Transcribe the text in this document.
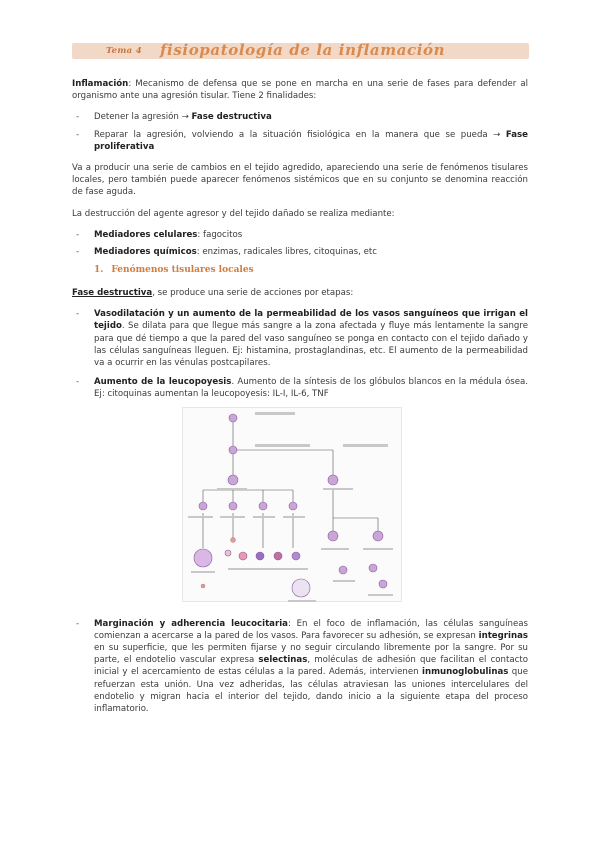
Tema 4 fisiopatología de la inflamación

Inflamación: Mecanismo de defensa que se pone en marcha en una serie de fases para defender al organismo ante una agresión tisular. Tiene 2 finalidades:

- Detener la agresión → Fase destructiva
- Reparar la agresión, volviendo a la situación fisiológica en la manera que se pueda → Fase proliferativa

Va a producir una serie de cambios en el tejido agredido, apareciendo una serie de fenómenos tisulares locales, pero también puede aparecer fenómenos sistémicos que en su conjunto se denomina reacción de fase aguda.

La destrucción del agente agresor y del tejido dañado se realiza mediante:

- Mediadores celulares: fagocitos
- Mediadores químicos: enzimas, radicales libres, citoquinas, etc
1. Fenómenos tisulares locales

Fase destructiva, se produce una serie de acciones por etapas:

- Vasodilatación y un aumento de la permeabilidad de los vasos sanguíneos que irrigan el tejido. Se dilata para que llegue más sangre a la zona afectada y fluye más lentamente la sangre para que dé tiempo a que la pared del vaso sanguíneo se ponga en contacto con el tejido dañado y las células sanguíneas lleguen. Ej: histamina, prostaglandinas, etc. El aumento de la permeabilidad va a ocurrir en las vénulas postcapilares.
- Aumento de la leucopoyesis. Aumento de la síntesis de los glóbulos blancos en la médula ósea. Ej: citoquinas aumentan la leucopoyesis: IL-I, IL-6, TNF
- Marginación y adherencia leucocitaria: En el foco de inflamación, las células sanguíneas comienzan a acercarse a la pared de los vasos. Para favorecer su adhesión, se expresan integrinas en su superficie, que les permiten fijarse y no seguir circulando libremente por la sangre. Por su parte, el endotelio vascular expresa selectinas, moléculas de adhesión que facilitan el contacto inicial y el acercamiento de estas células a la pared. Además, intervienen inmunoglobulinas que refuerzan esta unión. Una vez adheridas, las células atraviesan las uniones intercelulares del endotelio y migran hacia el interior del tejido, dando inicio a la siguiente etapa del proceso inflamatorio.
